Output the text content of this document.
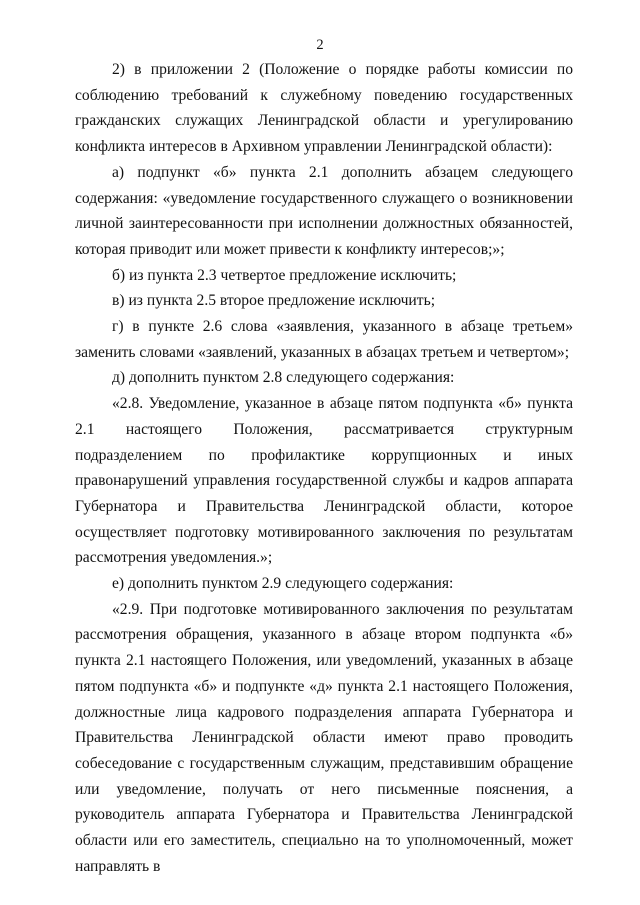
2

2) в приложении 2 (Положение о порядке работы комиссии по соблюдению требований к служебному поведению государственных гражданских служащих Ленинградской области и урегулированию конфликта интересов в Архивном управлении Ленинградской области):

а) подпункт «б» пункта 2.1 дополнить абзацем следующего содержания: «уведомление государственного служащего о возникновении личной заинтересованности при исполнении должностных обязанностей, которая приводит или может привести к конфликту интересов;»;

б) из пункта 2.3 четвертое предложение исключить;

в) из пункта 2.5 второе предложение исключить;

г) в пункте 2.6 слова «заявления, указанного в абзаце третьем» заменить словами «заявлений, указанных в абзацах третьем и четвертом»;

д) дополнить пунктом 2.8 следующего содержания:

«2.8. Уведомление, указанное в абзаце пятом подпункта «б» пункта 2.1 настоящего Положения, рассматривается структурным подразделением по профилактике коррупционных и иных правонарушений управления государственной службы и кадров аппарата Губернатора и Правительства Ленинградской области, которое осуществляет подготовку мотивированного заключения по результатам рассмотрения уведомления.»;

е) дополнить пунктом 2.9 следующего содержания:

«2.9. При подготовке мотивированного заключения по результатам рассмотрения обращения, указанного в абзаце втором подпункта «б» пункта 2.1 настоящего Положения, или уведомлений, указанных в абзаце пятом подпункта «б» и подпункте «д» пункта 2.1 настоящего Положения, должностные лица кадрового подразделения аппарата Губернатора и Правительства Ленинградской области имеют право проводить собеседование с государственным служащим, представившим обращение или уведомление, получать от него письменные пояснения, а руководитель аппарата Губернатора и Правительства Ленинградской области или его заместитель, специально на то уполномоченный, может направлять в
